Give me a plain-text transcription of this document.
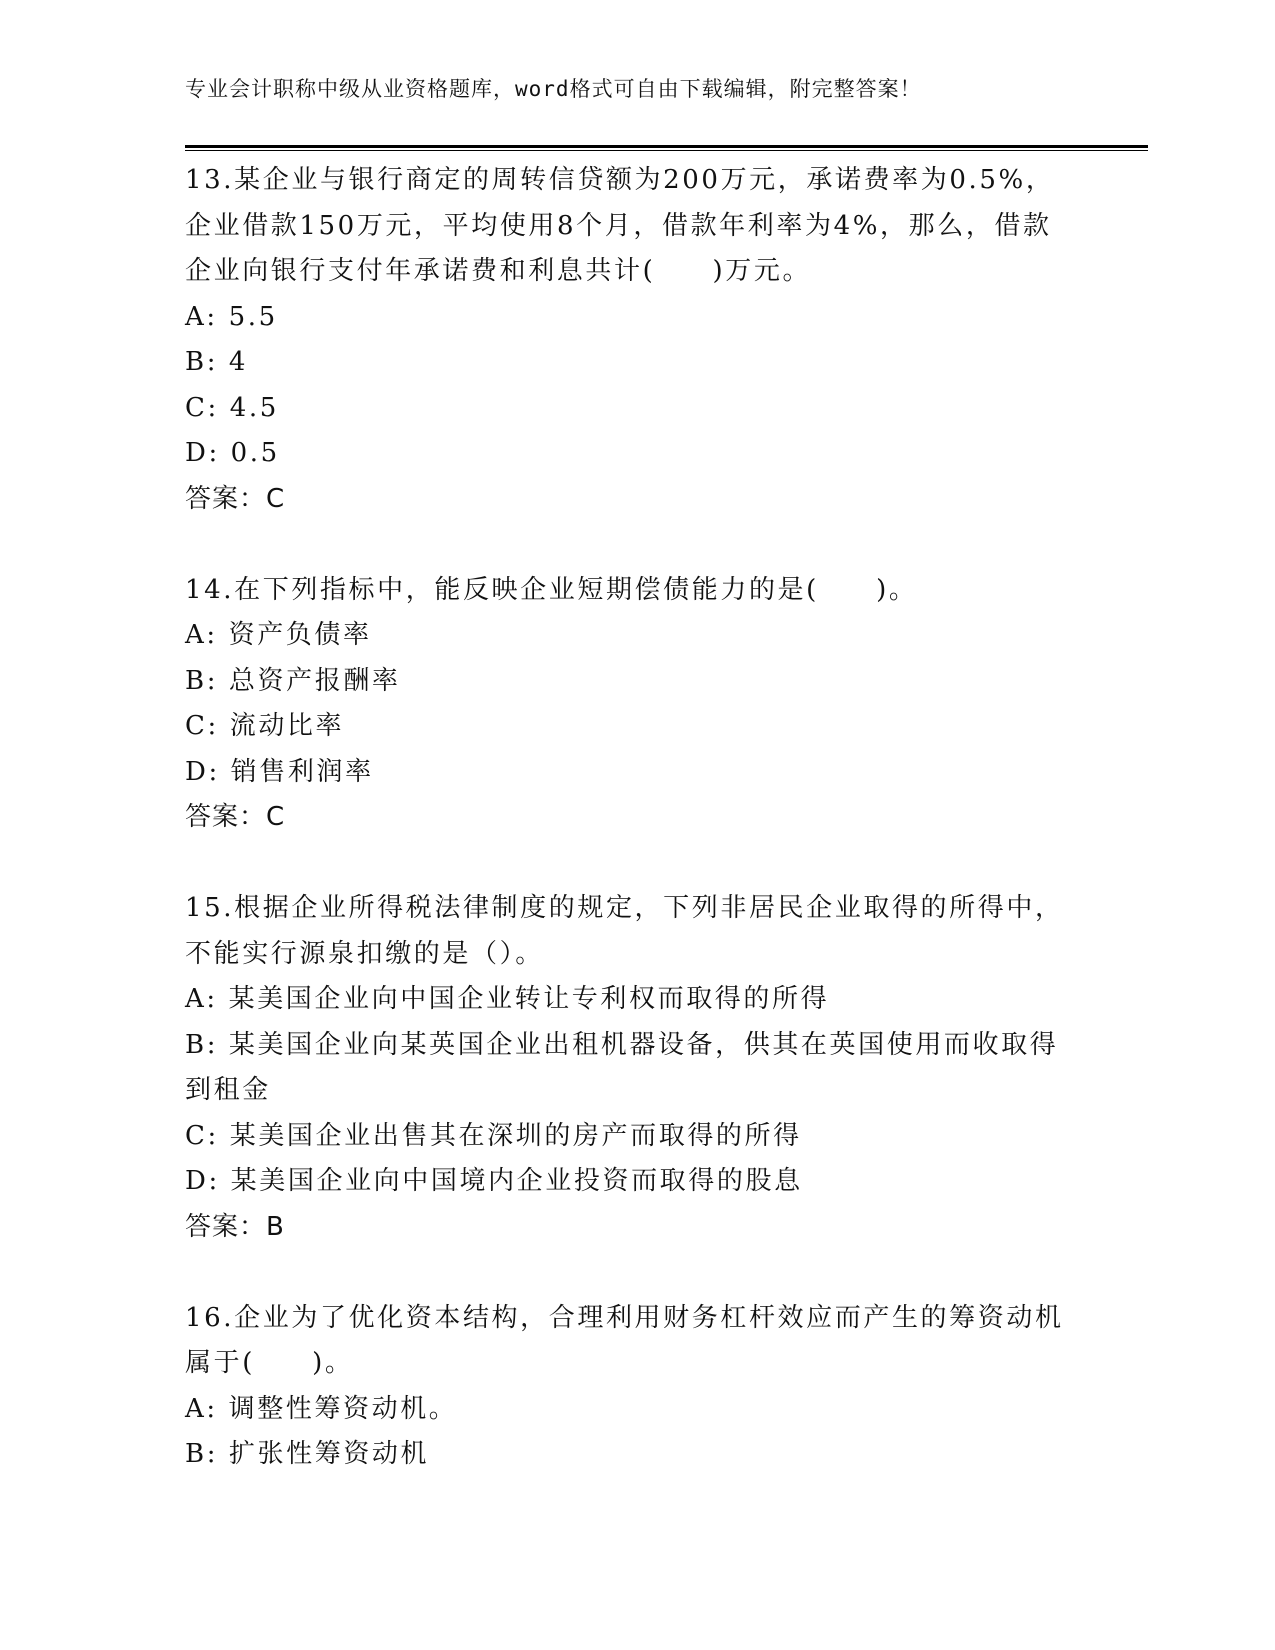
专业会计职称中级从业资格题库，word格式可自由下载编辑，附完整答案！
13.某企业与银行商定的周转信贷额为200万元，承诺费率为0.5%，
企业借款150万元，平均使用8个月，借款年利率为4%，那么，借款
企业向银行支付年承诺费和利息共计(　　)万元。
A: 5.5
B: 4
C: 4.5
D: 0.5
答案：C
14.在下列指标中，能反映企业短期偿债能力的是(　　)。
A: 资产负债率
B: 总资产报酬率
C: 流动比率
D: 销售利润率
答案：C
15.根据企业所得税法律制度的规定，下列非居民企业取得的所得中，
不能实行源泉扣缴的是（）。
A: 某美国企业向中国企业转让专利权而取得的所得
B: 某美国企业向某英国企业出租机器设备，供其在英国使用而收取得
到租金
C: 某美国企业出售其在深圳的房产而取得的所得
D: 某美国企业向中国境内企业投资而取得的股息
答案：B
16.企业为了优化资本结构，合理利用财务杠杆效应而产生的筹资动机
属于(　　)。
A: 调整性筹资动机。
B: 扩张性筹资动机
